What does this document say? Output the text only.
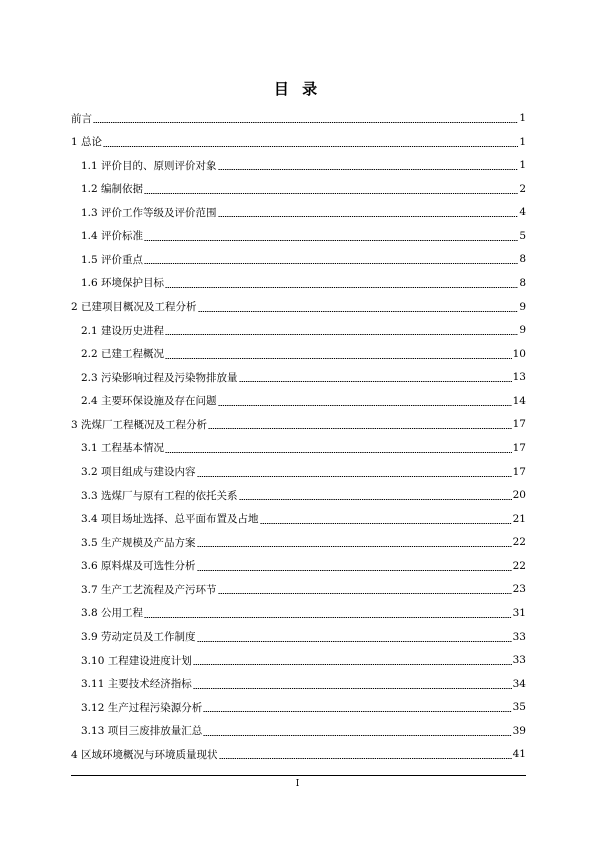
目 录
前言	1
1 总论	1
1.1 评价目的、原则评价对象	1
1.2 编制依据	2
1.3 评价工作等级及评价范围	4
1.4 评价标准	5
1.5 评价重点	8
1.6 环境保护目标	8
2 已建项目概况及工程分析	9
2.1 建设历史进程	9
2.2 已建工程概况	10
2.3 污染影响过程及污染物排放量	13
2.4 主要环保设施及存在问题	14
3 洗煤厂工程概况及工程分析	17
3.1 工程基本情况	17
3.2 项目组成与建设内容	17
3.3 选煤厂与原有工程的依托关系	20
3.4 项目场址选择、总平面布置及占地	21
3.5 生产规模及产品方案	22
3.6 原料煤及可选性分析	22
3.7 生产工艺流程及产污环节	23
3.8 公用工程	31
3.9 劳动定员及工作制度	33
3.10 工程建设进度计划	33
3.11 主要技术经济指标	34
3.12 生产过程污染源分析	35
3.13 项目三废排放量汇总	39
4 区域环境概况与环境质量现状	41
I
